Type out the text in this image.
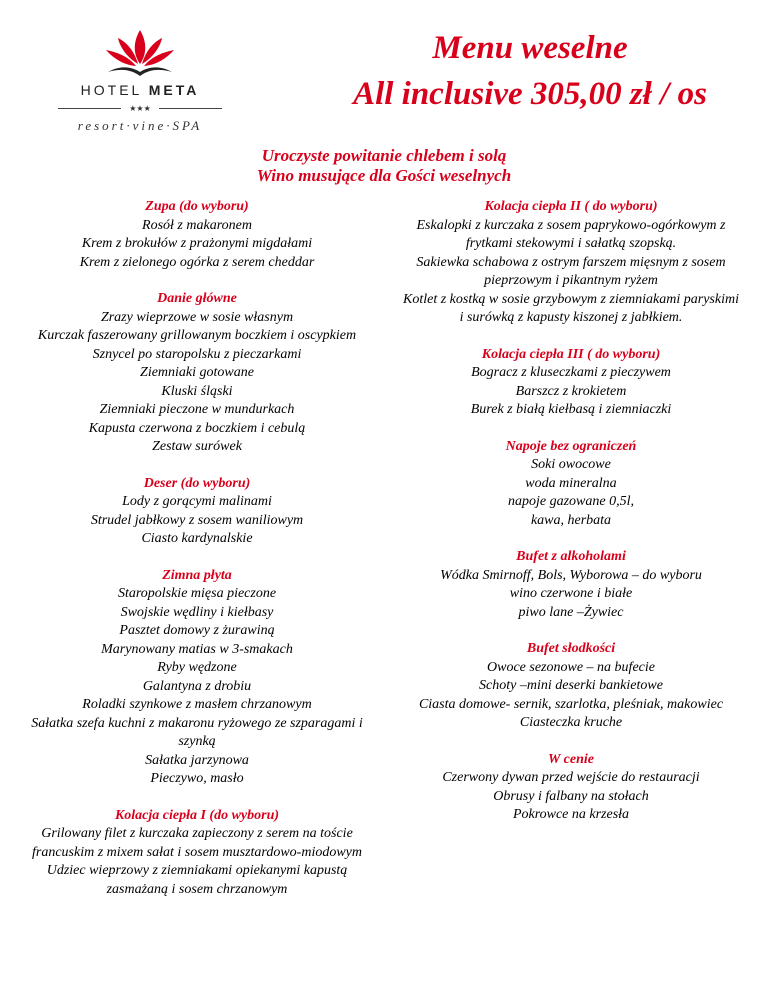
HOTEL META
★★★
resort·vine·SPA
Menu weselne
All inclusive 305,00 zł / os
Uroczyste powitanie chlebem i solą
Wino musujące dla Gości weselnych
Zupa (do wyboru)
Rosół z makaronem
Krem z brokułów z prażonymi migdałami
Krem z zielonego ogórka z serem cheddar
Danie główne
Zrazy wieprzowe w sosie własnym
Kurczak faszerowany grillowanym boczkiem i oscypkiem
Sznycel po staropolsku z pieczarkami
Ziemniaki gotowane
Kluski śląski
Ziemniaki pieczone w mundurkach
Kapusta czerwona z boczkiem i cebulą
Zestaw surówek
Deser (do wyboru)
Lody z gorącymi malinami
Strudel jabłkowy z sosem waniliowym
Ciasto kardynalskie
Zimna płyta
Staropolskie mięsa pieczone
Swojskie wędliny i kiełbasy
Pasztet domowy z żurawiną
Marynowany matias w 3-smakach
Ryby wędzone
Galantyna z drobiu
Roladki szynkowe z masłem chrzanowym
Sałatka szefa kuchni z makaronu ryżowego ze szparagami i szynką
Sałatka jarzynowa
Pieczywo, masło
Kolacja ciepła I (do wyboru)
Grilowany filet z kurczaka zapieczony z serem na toście francuskim z mixem sałat i sosem musztardowo-miodowym
Udziec wieprzowy z ziemniakami opiekanymi kapustą zasmażaną i sosem chrzanowym
Kolacja ciepła II ( do wyboru)
Eskalopki z kurczaka z sosem paprykowo-ogórkowym z frytkami stekowymi i sałatką szopską.
Sakiewka schabowa z ostrym farszem mięsnym z sosem pieprzowym i pikantnym ryżem
Kotlet z kostką w sosie grzybowym z ziemniakami paryskimi i surówką z kapusty kiszonej z jabłkiem.
Kolacja ciepła III ( do wyboru)
Bogracz z kluseczkami z pieczywem
Barszcz z krokietem
Burek z białą kiełbasą i ziemniaczki
Napoje bez ograniczeń
Soki owocowe
woda mineralna
napoje gazowane 0,5l,
kawa, herbata
Bufet z alkoholami
Wódka Smirnoff, Bols, Wyborowa – do wyboru
wino czerwone i białe
piwo lane –Żywiec
Bufet słodkości
Owoce sezonowe – na bufecie
Schoty –mini deserki bankietowe
Ciasta domowe- sernik, szarlotka, pleśniak, makowiec
Ciasteczka kruche
W cenie
Czerwony dywan przed wejście do restauracji
Obrusy i falbany na stołach
Pokrowce na krzesła
